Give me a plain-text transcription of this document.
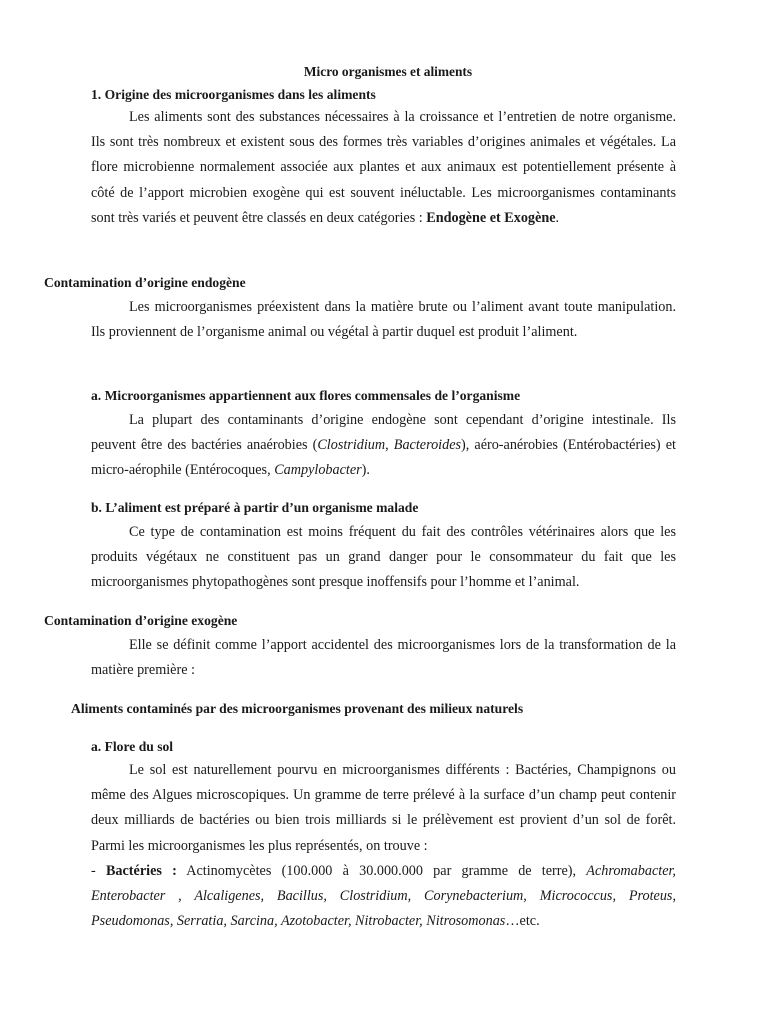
Micro organismes et aliments
1. Origine des microorganismes dans les aliments

Les aliments sont des substances nécessaires à la croissance et l’entretien de notre organisme. Ils sont très nombreux et existent sous des formes très variables d’origines animales et végétales. La flore microbienne normalement associée aux plantes et aux animaux est potentiellement présente à côté de l’apport microbien exogène qui est souvent inéluctable. Les microorganismes contaminants sont très variés et peuvent être classés en deux catégories : Endogène et Exogène.

Contamination d’origine endogène

Les microorganismes préexistent dans la matière brute ou l’aliment avant toute manipulation. Ils proviennent de l’organisme animal ou végétal à partir duquel est produit l’aliment.

a. Microorganismes appartiennent aux flores commensales de l’organisme

La plupart des contaminants d’origine endogène sont cependant d’origine intestinale. Ils peuvent être des bactéries anaérobies (Clostridium, Bacteroides), aéro-anérobies (Entérobactéries) et micro-aérophile (Entérocoques, Campylobacter).

b. L’aliment est préparé à partir d’un organisme malade

Ce type de contamination est moins fréquent du fait des contrôles vétérinaires alors que les produits végétaux ne constituent pas un grand danger pour le consommateur du fait que les microorganismes phytopathogènes sont presque inoffensifs pour l’homme et l’animal.

Contamination d’origine exogène

Elle se définit comme l’apport accidentel des microorganismes lors de la transformation de la matière première :

Aliments contaminés par des microorganismes provenant des milieux naturels
a. Flore du sol

Le sol est naturellement pourvu en microorganismes différents : Bactéries, Champignons ou même des Algues microscopiques. Un gramme de terre prélevé à la surface d’un champ peut contenir deux milliards de bactéries ou bien trois milliards si le prélèvement est provient d’un sol de forêt. Parmi les microorganismes les plus représentés, on trouve :

- Bactéries : Actinomycètes (100.000 à 30.000.000 par gramme de terre), Achromabacter, Enterobacter , Alcaligenes, Bacillus, Clostridium, Corynebacterium, Micrococcus, Proteus, Pseudomonas, Serratia, Sarcina, Azotobacter, Nitrobacter, Nitrosomonas…etc.
